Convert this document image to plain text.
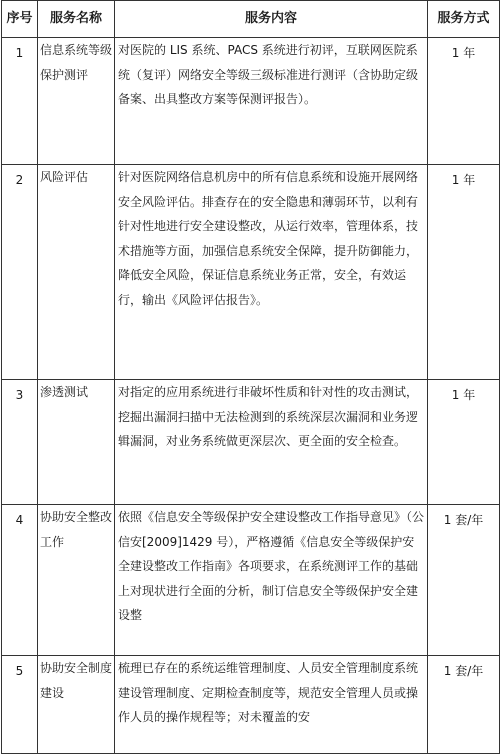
序号	服务名称	服务内容	服务方式
1	信息系统等级保护测评	对医院的 LIS 系统、PACS 系统进行初评，互联网医院系统（复评）网络安全等级三级标准进行测评（含协助定级备案、出具整改方案等保测评报告）。	1 年
2	风险评估	针对医院网络信息机房中的所有信息系统和设施开展网络安全风险评估。排查存在的安全隐患和薄弱环节，以利有针对性地进行安全建设整改，从运行效率，管理体系，技术措施等方面，加强信息系统安全保障，提升防御能力，降低安全风险，保证信息系统业务正常，安全，有效运行，输出《风险评估报告》。	1 年
3	渗透测试	对指定的应用系统进行非破坏性质和针对性的攻击测试，挖掘出漏洞扫描中无法检测到的系统深层次漏洞和业务逻辑漏洞，对业务系统做更深层次、更全面的安全检查。	1 年
4	协助安全整改工作	依照《信息安全等级保护安全建设整改工作指导意见》（公信安[2009]1429 号），严格遵循《信息安全等级保护安全建设整改工作指南》各项要求，在系统测评工作的基础上对现状进行全面的分析，制订信息安全等级保护安全建设整	1 套/年
5	协助安全制度建设	梳理已存在的系统运维管理制度、人员安全管理制度系统建设管理制度、定期检查制度等，规范安全管理人员或操作人员的操作规程等；对未覆盖的安	1 套/年
